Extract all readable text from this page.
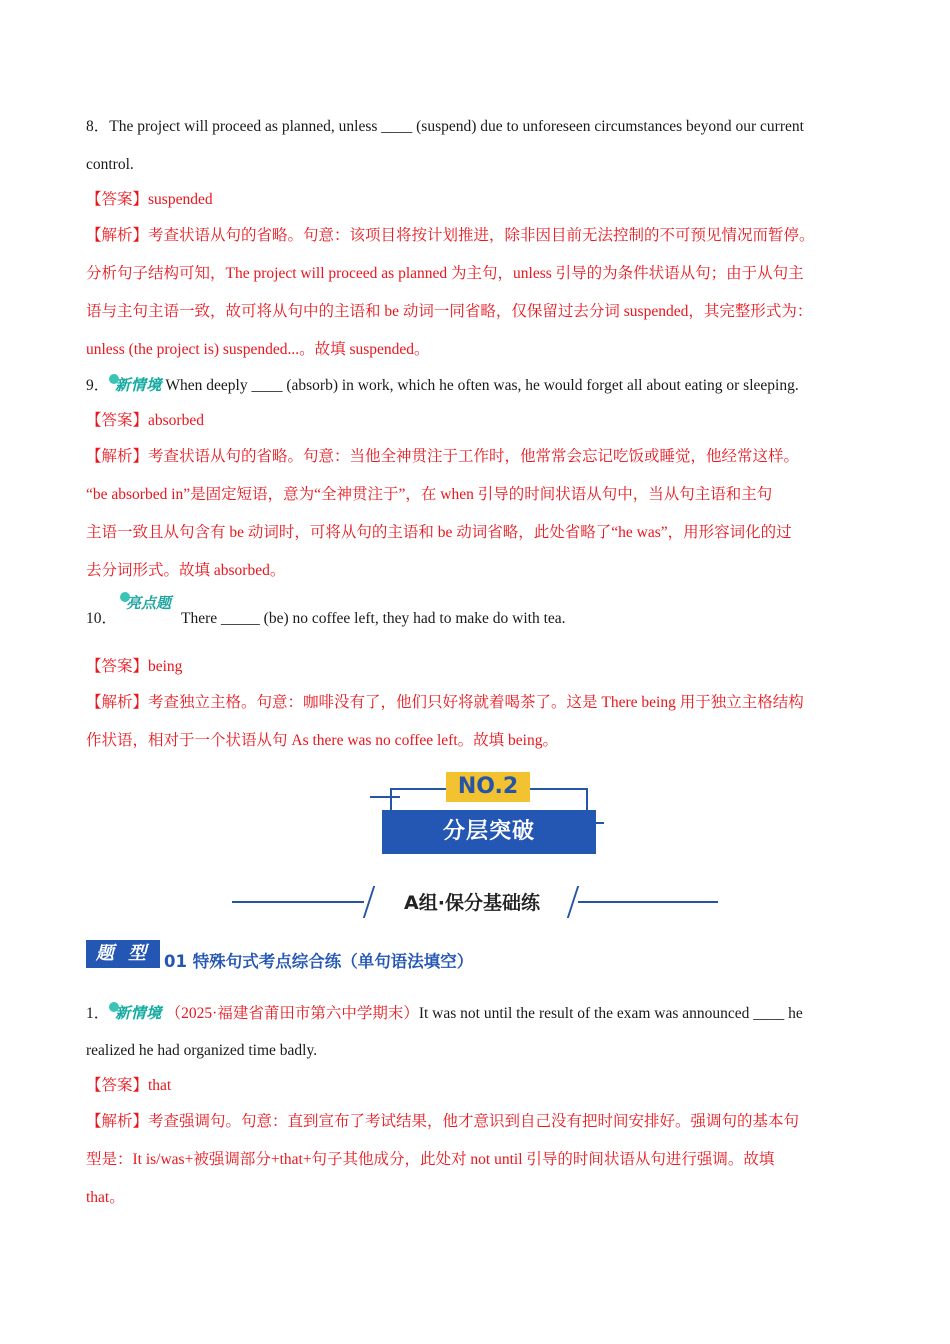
8．The project will proceed as planned, unless ____ (suspend) due to unforeseen circumstances beyond our current
control.
【答案】suspended
【解析】考查状语从句的省略。句意：该项目将按计划推进，除非因目前无法控制的不可预见情况而暂停。
分析句子结构可知，The project will proceed as planned 为主句，unless 引导的为条件状语从句；由于从句主
语与主句主语一致，故可将从句中的主语和 be 动词一同省略，仅保留过去分词 suspended，其完整形式为：
unless (the project is) suspended...。故填 suspended。
9． 新情境 When deeply ____ (absorb) in work, which he often was, he would forget all about eating or sleeping.
【答案】absorbed
【解析】考查状语从句的省略。句意：当他全神贯注于工作时，他常常会忘记吃饭或睡觉，他经常这样。
“be absorbed in”是固定短语，意为“全神贯注于”，在 when 引导的时间状语从句中，当从句主语和主句
主语一致且从句含有 be 动词时，可将从句的主语和 be 动词省略，此处省略了“he was”，用形容词化的过
去分词形式。故填 absorbed。
亮点题
10．	There _____ (be) no coffee left, they had to make do with tea.
【答案】being
【解析】考查独立主格。句意：咖啡没有了，他们只好将就着喝茶了。这是 There being 用于独立主格结构
作状语，相对于一个状语从句 As there was no coffee left。故填 being。
NO.2
分层突破
A组·保分基础练
题 型 01 特殊句式考点综合练（单句语法填空）
1． 新情境 （2025·福建省莆田市第六中学期末）It was not until the result of the exam was announced ____ he
realized he had organized time badly.
【答案】that
【解析】考查强调句。句意：直到宣布了考试结果，他才意识到自己没有把时间安排好。强调句的基本句
型是：It is/was+被强调部分+that+句子其他成分，此处对 not until 引导的时间状语从句进行强调。故填
that。
